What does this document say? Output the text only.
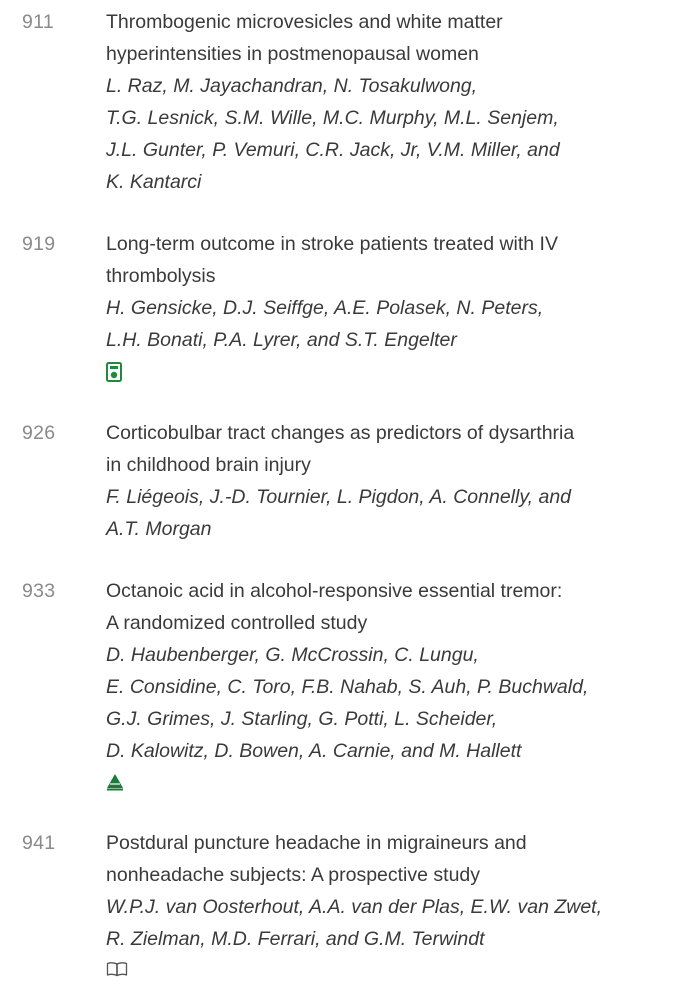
911	Thrombogenic microvesicles and white matter
hyperintensities in postmenopausal women
L. Raz, M. Jayachandran, N. Tosakulwong,
T.G. Lesnick, S.M. Wille, M.C. Murphy, M.L. Senjem,
J.L. Gunter, P. Vemuri, C.R. Jack, Jr, V.M. Miller, and
K. Kantarci
919	Long-term outcome in stroke patients treated with IV
thrombolysis
H. Gensicke, D.J. Seiffge, A.E. Polasek, N. Peters,
L.H. Bonati, P.A. Lyrer, and S.T. Engelter
926	Corticobulbar tract changes as predictors of dysarthria
in childhood brain injury
F. Liégeois, J.-D. Tournier, L. Pigdon, A. Connelly, and
A.T. Morgan
933	Octanoic acid in alcohol-responsive essential tremor:
A randomized controlled study
D. Haubenberger, G. McCrossin, C. Lungu,
E. Considine, C. Toro, F.B. Nahab, S. Auh, P. Buchwald,
G.J. Grimes, J. Starling, G. Potti, L. Scheider,
D. Kalowitz, D. Bowen, A. Carnie, and M. Hallett
941	Postdural puncture headache in migraineurs and
nonheadache subjects: A prospective study
W.P.J. van Oosterhout, A.A. van der Plas, E.W. van Zwet,
R. Zielman, M.D. Ferrari, and G.M. Terwindt
